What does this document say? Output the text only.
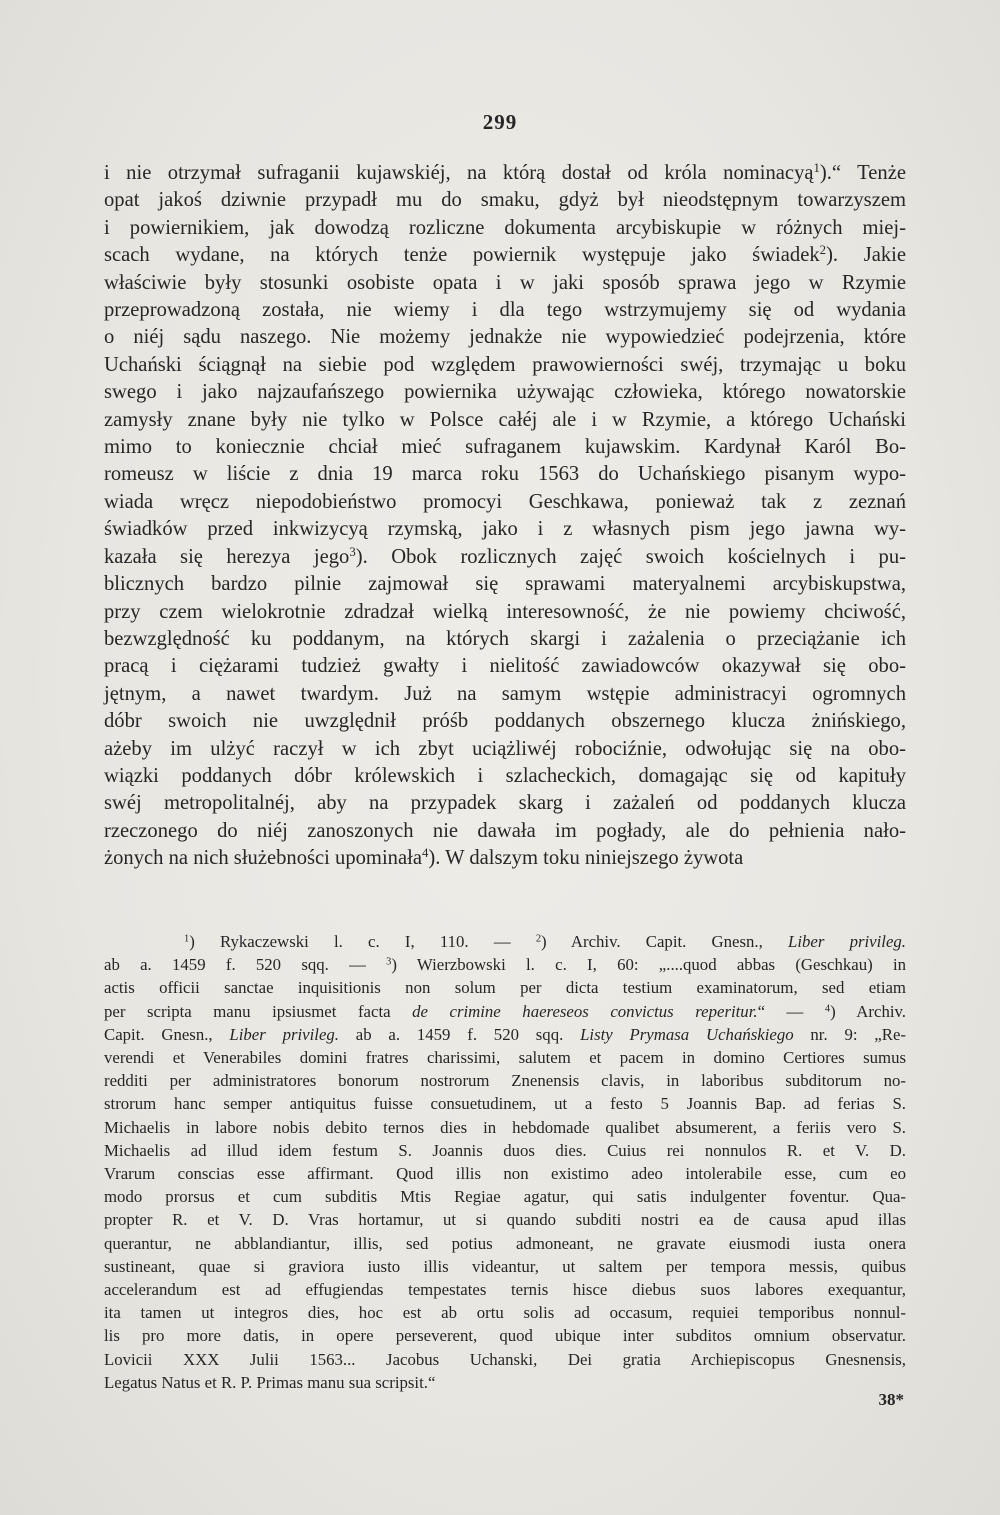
299
i nie otrzymał sufraganii kujawskiéj, na którą dostał od króla nominacyą$^1$).“ Tenże
opat jakoś dziwnie przypadł mu do smaku, gdyż był nieodstępnym towarzyszem
i powiernikiem, jak dowodzą rozliczne dokumenta arcybiskupie w różnych miej-
scach wydane, na których tenże powiernik występuje jako świadek$^2$). Jakie
właściwie były stosunki osobiste opata i w jaki sposób sprawa jego w Rzymie
przeprowadzoną została, nie wiemy i dla tego wstrzymujemy się od wydania
o niéj sądu naszego. Nie możemy jednakże nie wypowiedzieć podejrzenia, które
Uchański ściągnął na siebie pod względem prawowierności swéj, trzymając u boku
swego i jako najzaufańszego powiernika używając człowieka, którego nowatorskie
zamysły znane były nie tylko w Polsce całéj ale i w Rzymie, a którego Uchański
mimo to koniecznie chciał mieć sufraganem kujawskim. Kardynał Karól Bo-
romeusz w liście z dnia 19 marca roku 1563 do Uchańskiego pisanym wypo-
wiada wręcz niepodobieństwo promocyi Geschkawa, ponieważ tak z zeznań
świadków przed inkwizycyą rzymską, jako i z własnych pism jego jawna wy-
kazała się herezya jego$^3$). Obok rozlicznych zajęć swoich kościelnych i pu-
blicznych bardzo pilnie zajmował się sprawami materyalnemi arcybiskupstwa,
przy czem wielokrotnie zdradzał wielką interesowność, że nie powiemy chciwość,
bezwzględność ku poddanym, na których skargi i zażalenia o przeciążanie ich
pracą i ciężarami tudzież gwałty i nielitość zawiadowców okazywał się obo-
jętnym, a nawet twardym. Już na samym wstępie administracyi ogromnych
dóbr swoich nie uwzględnił próśb poddanych obszernego klucza żnińskiego,
ażeby im ulżyć raczył w ich zbyt uciążliwéj robociźnie, odwołując się na obo-
wiązki poddanych dóbr królewskich i szlacheckich, domagając się od kapituły
swéj metropolitalnéj, aby na przypadek skarg i zażaleń od poddanych klucza
rzeczonego do niéj zanoszonych nie dawała im pogłady, ale do pełnienia nało-
żonych na nich służebności upominała$^4$). W dalszym toku niniejszego żywota
$^1$) Rykaczewski l. c. I, 110. — $^2$) Archiv. Capit. Gnesn., Liber privileg.
ab a. 1459 f. 520 sqq. — $^3$) Wierzbowski l. c. I, 60: „....quod abbas (Geschkau) in
actis officii sanctae inquisitionis non solum per dicta testium examinatorum, sed etiam
per scripta manu ipsiusmet facta de crimine haereseos convictus reperitur.“ — $^4$) Archiv.
Capit. Gnesn., Liber privileg. ab a. 1459 f. 520 sqq. Listy Prymasa Uchańskiego nr. 9: „Re-
verendi et Venerabiles domini fratres charissimi, salutem et pacem in domino Certiores sumus
redditi per administratores bonorum nostrorum Znenensis clavis, in laboribus subditorum no-
strorum hanc semper antiquitus fuisse consuetudinem, ut a festo 5 Joannis Bap. ad ferias S.
Michaelis in labore nobis debito ternos dies in hebdomade qualibet absumerent, a feriis vero S.
Michaelis ad illud idem festum S. Joannis duos dies. Cuius rei nonnulos R. et V. D.
Vrarum conscias esse affirmant. Quod illis non existimo adeo intolerabile esse, cum eo
modo prorsus et cum subditis Mtis Regiae agatur, qui satis indulgenter foventur. Qua-
propter R. et V. D. Vras hortamur, ut si quando subditi nostri ea de causa apud illas
querantur, ne abblandiantur, illis, sed potius admoneant, ne gravate eiusmodi iusta onera
sustineant, quae si graviora iusto illis videantur, ut saltem per tempora messis, quibus
accelerandum est ad effugiendas tempestates ternis hisce diebus suos labores exequantur,
ita tamen ut integros dies, hoc est ab ortu solis ad occasum, requiei temporibus nonnul-
lis pro more datis, in opere perseverent, quod ubique inter subditos omnium observatur.
Lovicii XXX Julii 1563... Jacobus Uchanski, Dei gratia Archiepiscopus Gnesnensis,
Legatus Natus et R. P. Primas manu sua scripsit.“
38*
